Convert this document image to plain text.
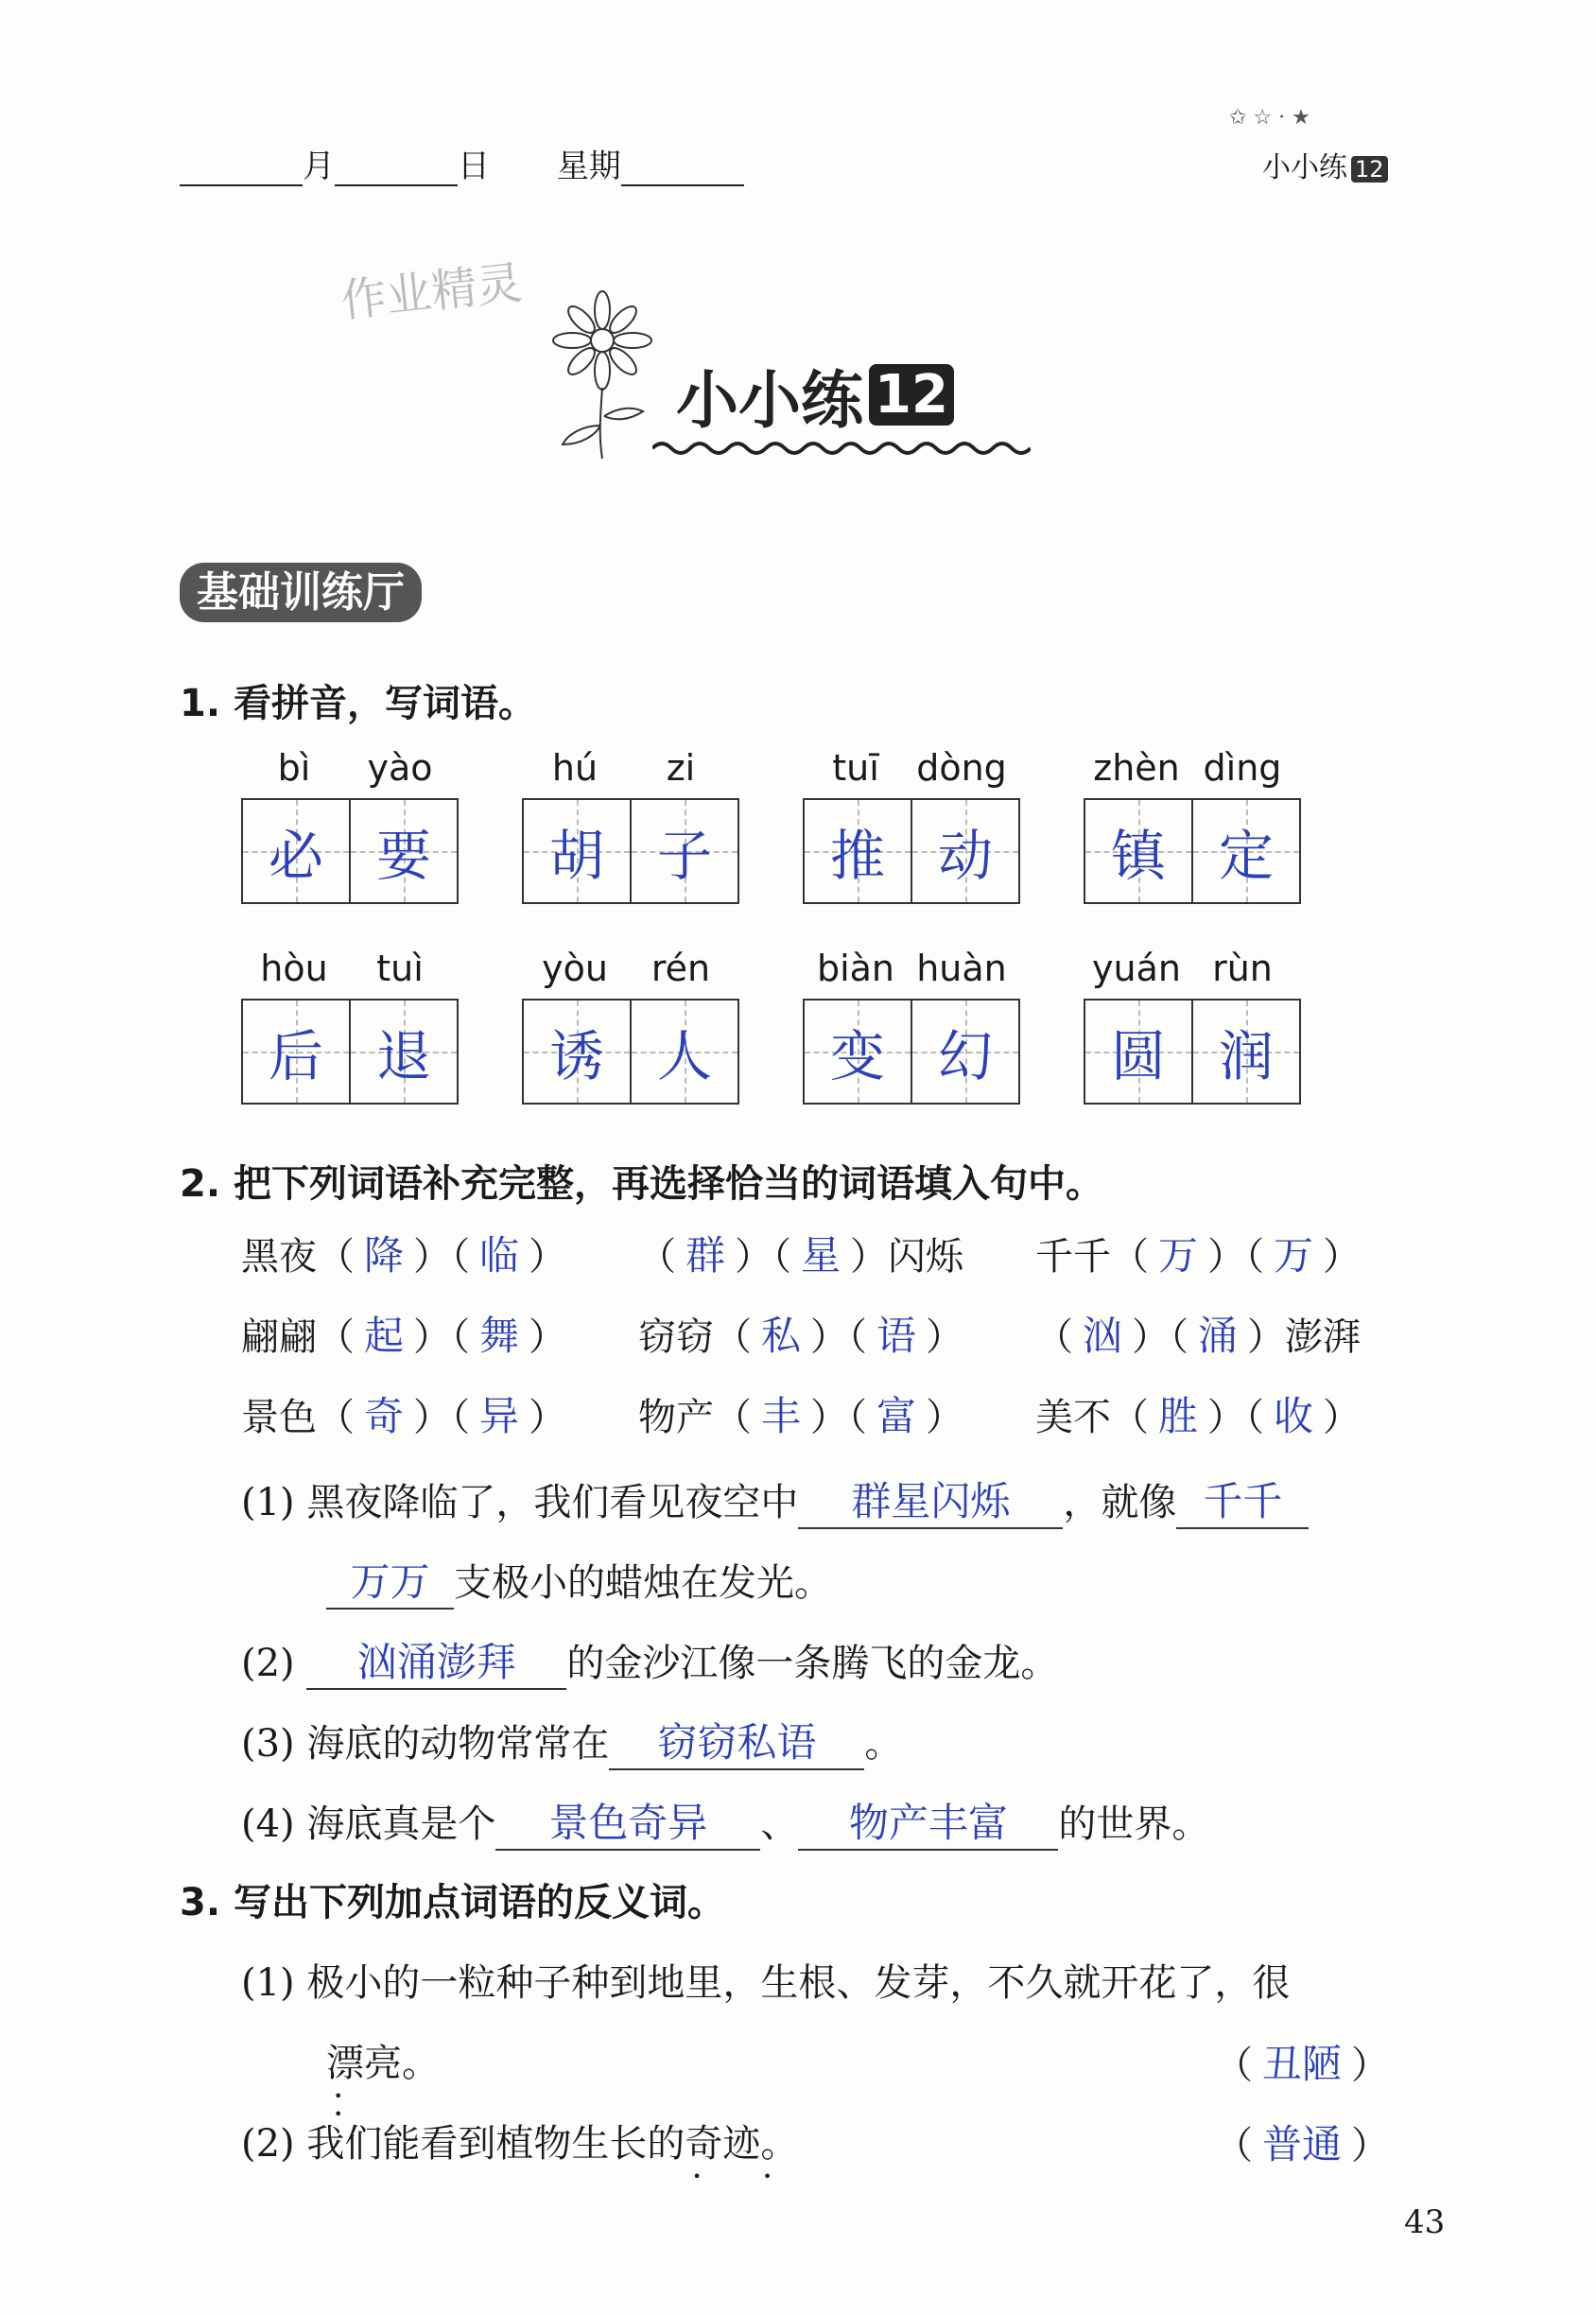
月	日 星期
✩ ☆ · ★
小小练 12
作业精灵
小小练 12
基础训练厅
1. 看拼音，写词语。
bì yào
必 要
hú zi
胡 子
tuī dòng
推 动
zhèn dìng
镇 定
hòu tuì
后 退
yòu rén
诱 人
biàn huàn
变 幻
yuán rùn
圆 润
2. 把下列词语补充完整，再选择恰当的词语填入句中。
黑夜（ 降 ）（ 临 ） （ 群 ）（ 星 ）闪烁 千千（ 万 ）（ 万 ）
翩翩（ 起 ）（ 舞 ） 窃窃（ 私 ）（ 语 ） （ 汹 ）（ 涌 ）澎湃
景色（ 奇 ）（ 异 ） 物产（ 丰 ）（ 富 ） 美不（ 胜 ）（ 收 ）
(1) 黑夜降临了，我们看见夜空中 群星闪烁 ，就像 千千
万万 支极小的蜡烛在发光。
(2) 汹涌澎拜 的金沙江像一条腾飞的金龙。
(3) 海底的动物常常在 窃窃私语 。
(4) 海底真是个 景色奇异 、 物产丰富 的世界。
3. 写出下列加点词语的反义词。
(1) 极小的一粒种子种到地里，生根、发芽，不久就开花了，很
漂亮 • •。	（ 丑陋 ）
(2) 我们能看到植物生长的奇迹 • •。	（ 普通 ）
43
